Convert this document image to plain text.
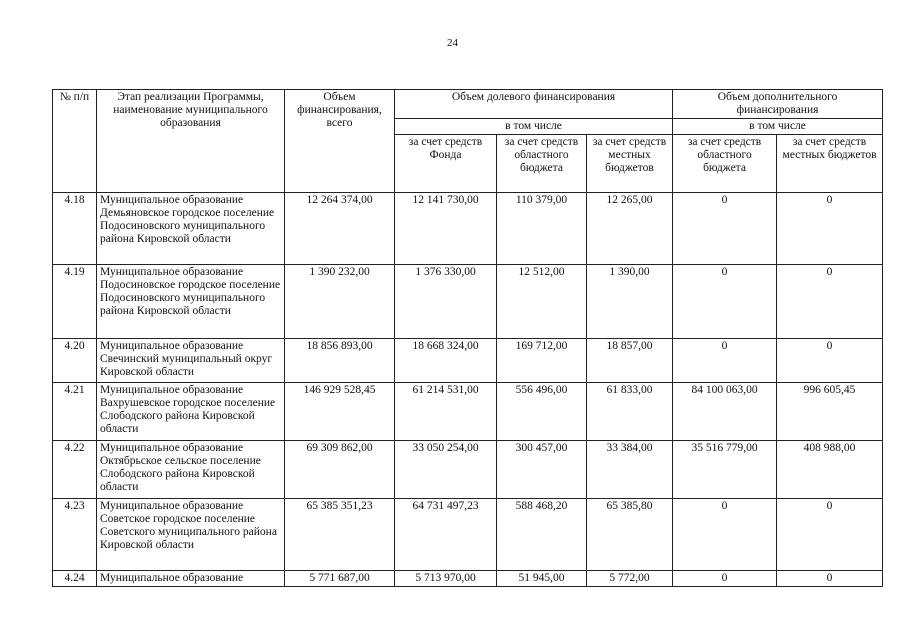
24
№ п/п	Этап реализации Программы, наименование муниципального образования	Объем финансирования, всего	Объем долевого финансирования			Объем дополнительного финансирования	
			в том числе			в том числе	
			за счет средств Фонда	за счет средств областного бюджета	за счет средств местных бюджетов	за счет средств областного бюджета	за счет средств местных бюджетов
4.18	Муниципальное образование Демьяновское городское поселение Подосиновского муниципального района Кировской области	12 264 374,00	12 141 730,00	110 379,00	12 265,00	0	0
4.19	Муниципальное образование Подосиновское городское поселение Подосиновского муниципального района Кировской области	1 390 232,00	1 376 330,00	12 512,00	1 390,00	0	0
4.20	Муниципальное образование Свечинский муниципальный округ Кировской области	18 856 893,00	18 668 324,00	169 712,00	18 857,00	0	0
4.21	Муниципальное образование Вахрушевское городское поселение Слободского района Кировской области	146 929 528,45	61 214 531,00	556 496,00	61 833,00	84 100 063,00	996 605,45
4.22	Муниципальное образование Октябрьское сельское поселение Слободского района Кировской области	69 309 862,00	33 050 254,00	300 457,00	33 384,00	35 516 779,00	408 988,00
4.23	Муниципальное образование Советское городское поселение Советского муниципального района Кировской области	65 385 351,23	64 731 497,23	588 468,20	65 385,80	0	0
4.24	Муниципальное образование	5 771 687,00	5 713 970,00	51 945,00	5 772,00	0	0
